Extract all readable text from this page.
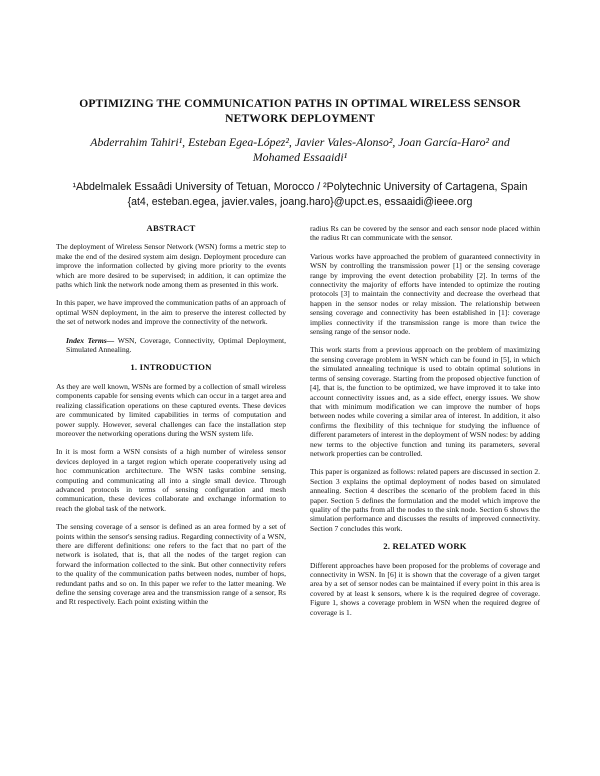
OPTIMIZING THE COMMUNICATION PATHS IN OPTIMAL WIRELESS SENSOR NETWORK DEPLOYMENT
Abderrahim Tahiri¹, Esteban Egea-López², Javier Vales-Alonso², Joan García-Haro² and
Mohamed Essaaidi¹
¹Abdelmalek Essaâdi University of Tetuan, Morocco / ²Polytechnic University of Cartagena, Spain
{at4, esteban.egea, javier.vales, joang.haro}@upct.es, essaaidi@ieee.org
ABSTRACT

The deployment of Wireless Sensor Network (WSN) forms a metric step to make the end of the desired system aim design. Deployment procedure can improve the information collected by giving more priority to the events which are more desired to be supervised; in addition, it can optimize the paths which link the network node among them as presented in this work.

In this paper, we have improved the communication paths of an approach of optimal WSN deployment, in the aim to preserve the interest collected by the set of network nodes and improve the connectivity of the network.

Index Terms— WSN, Coverage, Connectivity, Optimal Deployment, Simulated Annealing.

1. INTRODUCTION

As they are well known, WSNs are formed by a collection of small wireless components capable for sensing events which can occur in a target area and realizing classification operations on these captured events. These devices are communicated by limited capabilities in terms of computation and power supply. However, several challenges can face the installation step moreover the networking operations during the WSN system life.

In it is most form a WSN consists of a high number of wireless sensor devices deployed in a target region which operate cooperatively using ad hoc communication architecture. The WSN tasks combine sensing, computing and communicating all into a single small device. Through advanced protocols in terms of sensing configuration and mesh communication, these devices collaborate and exchange information to reach the global task of the network.

The sensing coverage of a sensor is defined as an area formed by a set of points within the sensor's sensing radius. Regarding connectivity of a WSN, there are different definitions: one refers to the fact that no part of the network is isolated, that is, that all the nodes of the target region can forward the information collected to the sink. But other connectivity refers to the quality of the communication paths between nodes, number of hops, redundant paths and so on. In this paper we refer to the latter meaning. We define the sensing coverage area and the transmission range of a sensor, Rs and Rt respectively. Each point existing within the

radius Rs can be covered by the sensor and each sensor node placed within the radius Rt can communicate with the sensor.

Various works have approached the problem of guaranteed connectivity in WSN by controlling the transmission power [1] or the sensing coverage range by improving the event detection probability [2]. In terms of the connectivity the majority of efforts have intended to optimize the routing protocols [3] to maintain the connectivity and decrease the overhead that happen in the sensor nodes or relay mission. The relationship between sensing coverage and connectivity has been established in [1]: coverage implies connectivity if the transmission range is more than twice the sensing range of the sensor node.

This work starts from a previous approach on the problem of maximizing the sensing coverage problem in WSN which can be found in [5], in which the simulated annealing technique is used to obtain optimal solutions in terms of sensing coverage. Starting from the proposed objective function of [4], that is, the function to be optimized, we have improved it to take into account connectivity issues and, as a side effect, energy issues. We show that with minimum modification we can improve the number of hops between nodes while covering a similar area of interest. In addition, it also confirms the flexibility of this technique for studying the influence of different parameters of interest in the deployment of WSN nodes: by adding new terms to the objective function and tuning its parameters, several network properties can be controlled.

This paper is organized as follows: related papers are discussed in section 2. Section 3 explains the optimal deployment of nodes based on simulated annealing. Section 4 describes the scenario of the problem faced in this paper. Section 5 defines the formulation and the model which improve the quality of the paths from all the nodes to the sink node. Section 6 shows the simulation performance and discusses the results of improved connectivity. Section 7 concludes this work.

2. RELATED WORK

Different approaches have been proposed for the problems of coverage and connectivity in WSN. In [6] it is shown that the coverage of a given target area by a set of sensor nodes can be maintained if every point in this area is covered by at least k sensors, where k is the required degree of coverage. Figure 1, shows a coverage problem in WSN when the required degree of coverage is 1.
